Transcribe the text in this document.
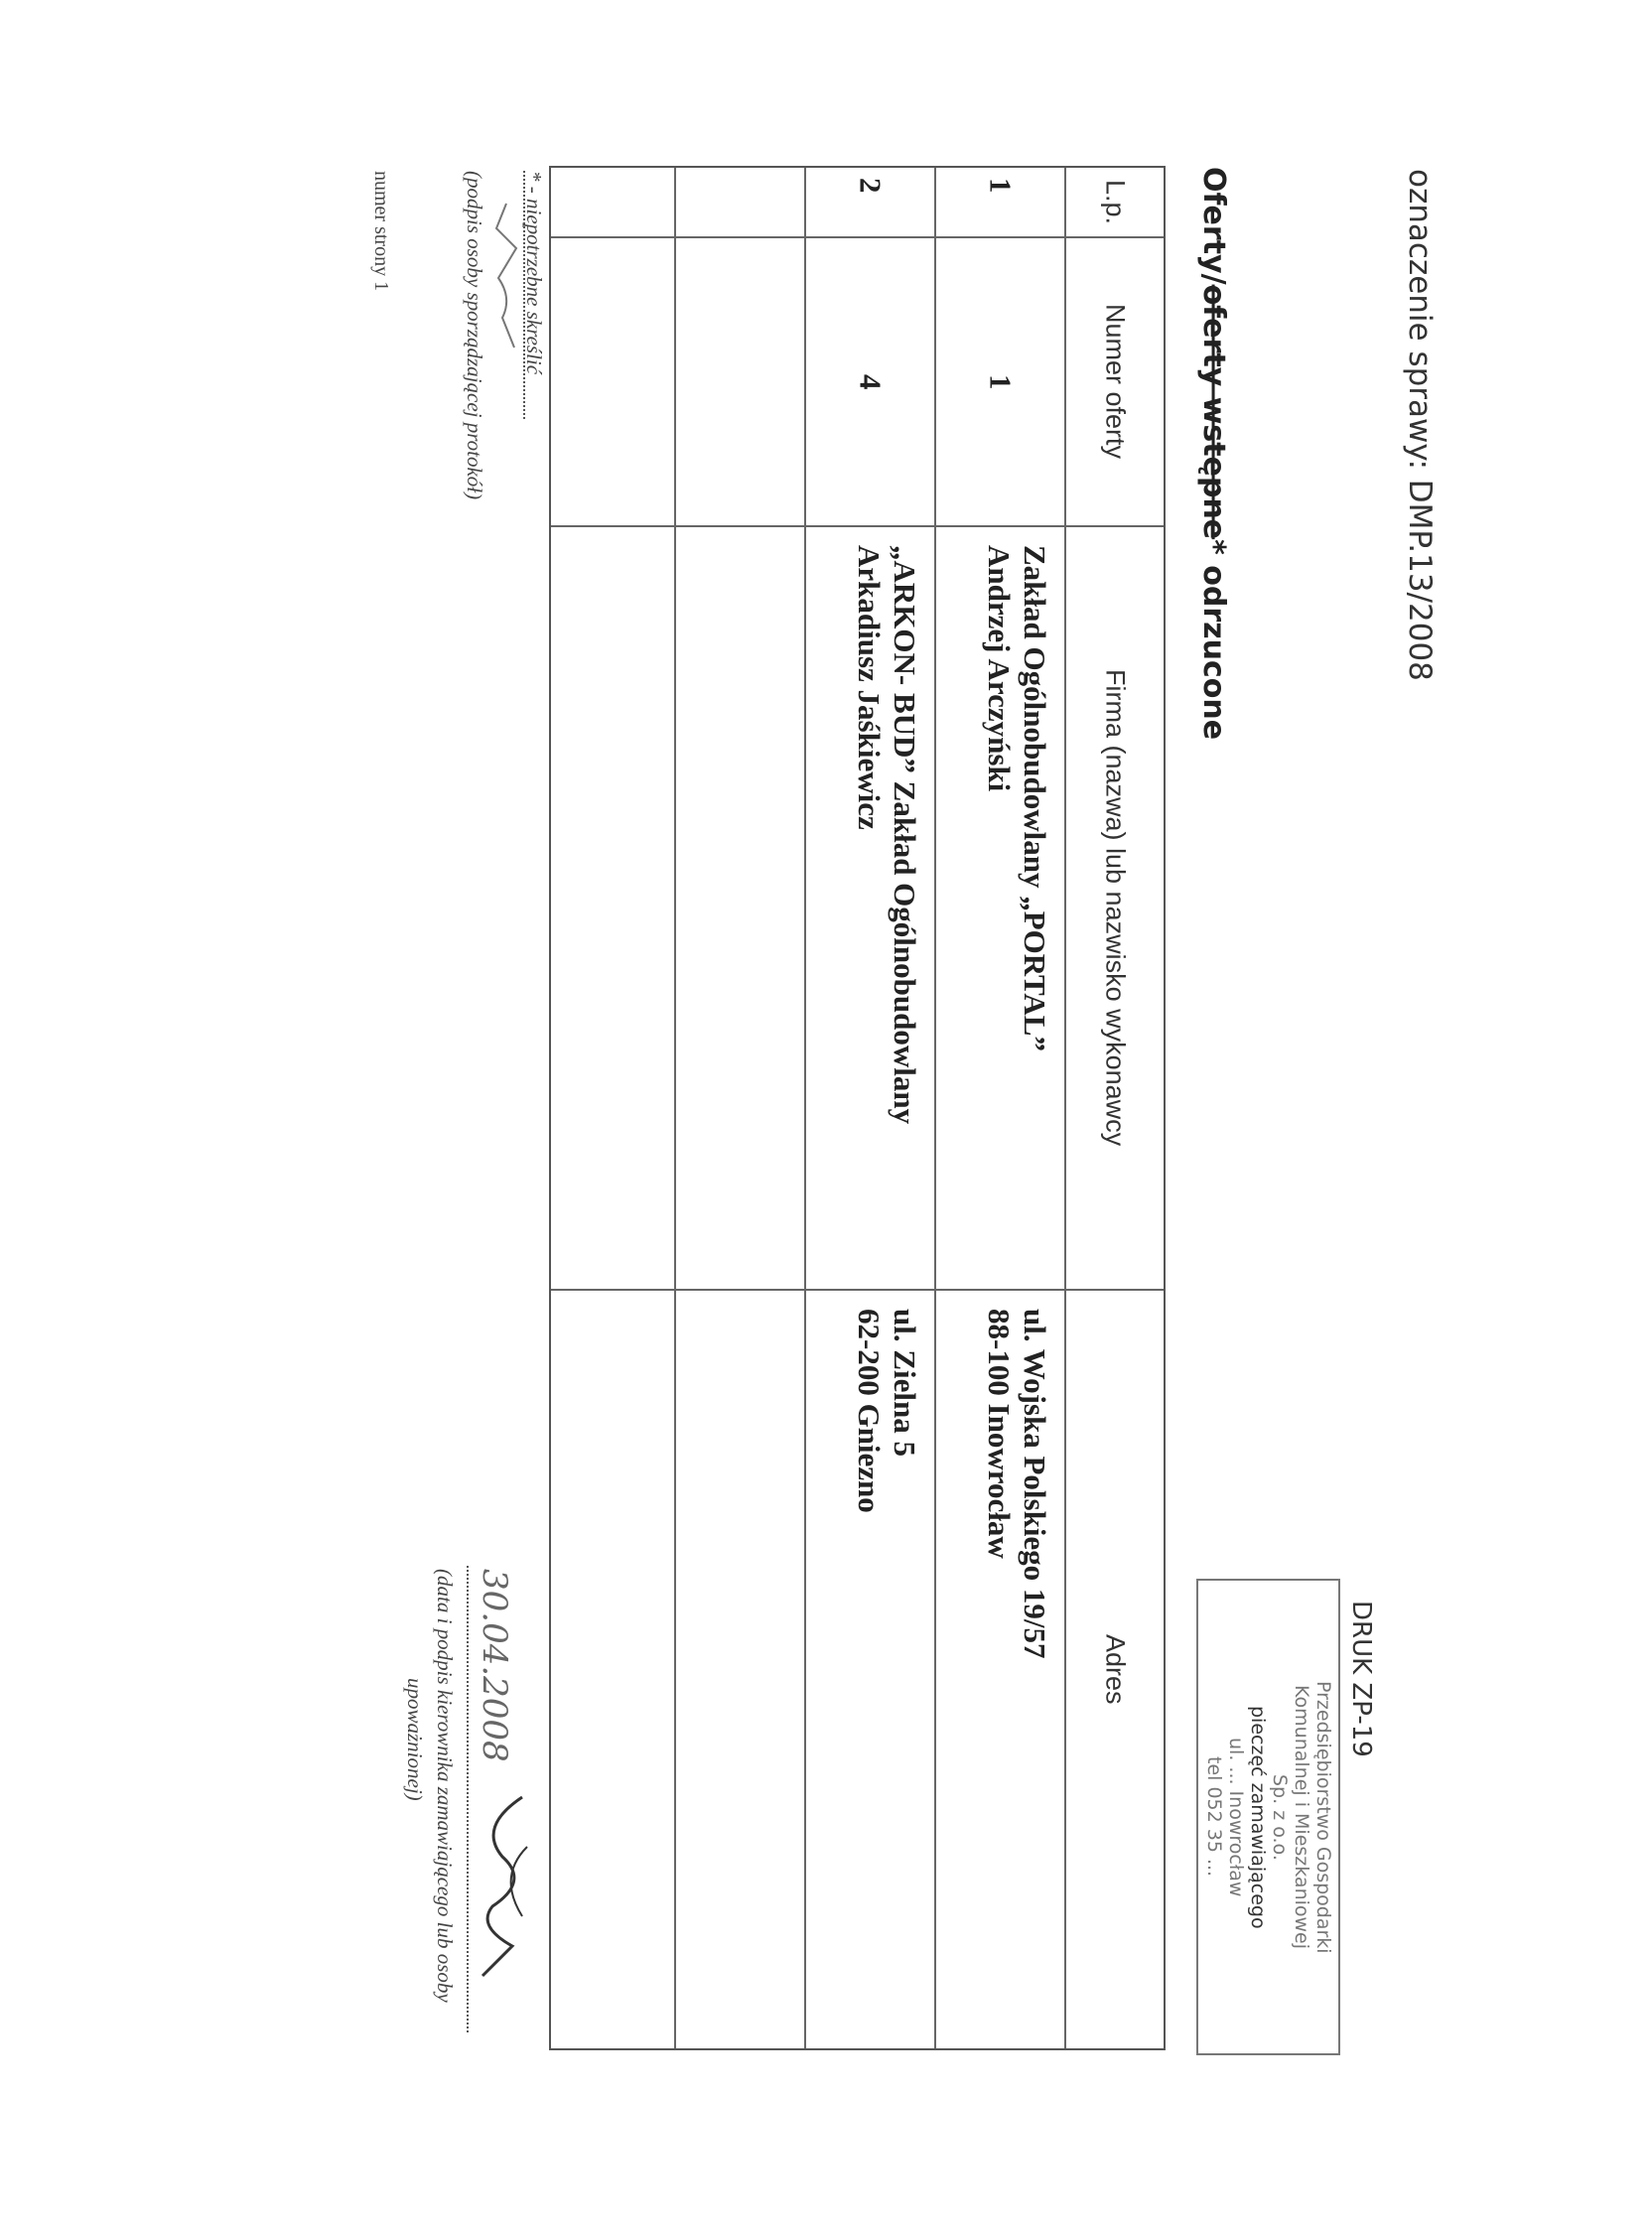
oznaczenie sprawy: DMP.13/2008
Oferty/oferty wstępne* odrzucone
DRUK ZP-19
Przedsiębiorstwo Gospodarki
Komunalnej i Mieszkaniowej
Sp. z o.o.
pieczęć zamawiającego
ul. ... Inowrocław
tel 052 35 ...
L.p.
Numer oferty
Firma (nazwa) lub nazwisko wykonawcy
Adres
1
1
Zakład Ogólnobudowlany „PORTAL”
Andrzej Arczyński
ul. Wojska Polskiego 19/57
88-100 Inowrocław
2
4
„ARKON- BUD” Zakład Ogólnobudowlany
Arkadiusz Jaśkiewicz
ul. Zielna 5
62-200 Gniezno
* - niepotrzebne skreślić
(podpis osoby sporządzającej protokół)
numer strony 1
30.04.2008
(data i podpis kierownika zamawiającego lub osoby
upoważnionej)
